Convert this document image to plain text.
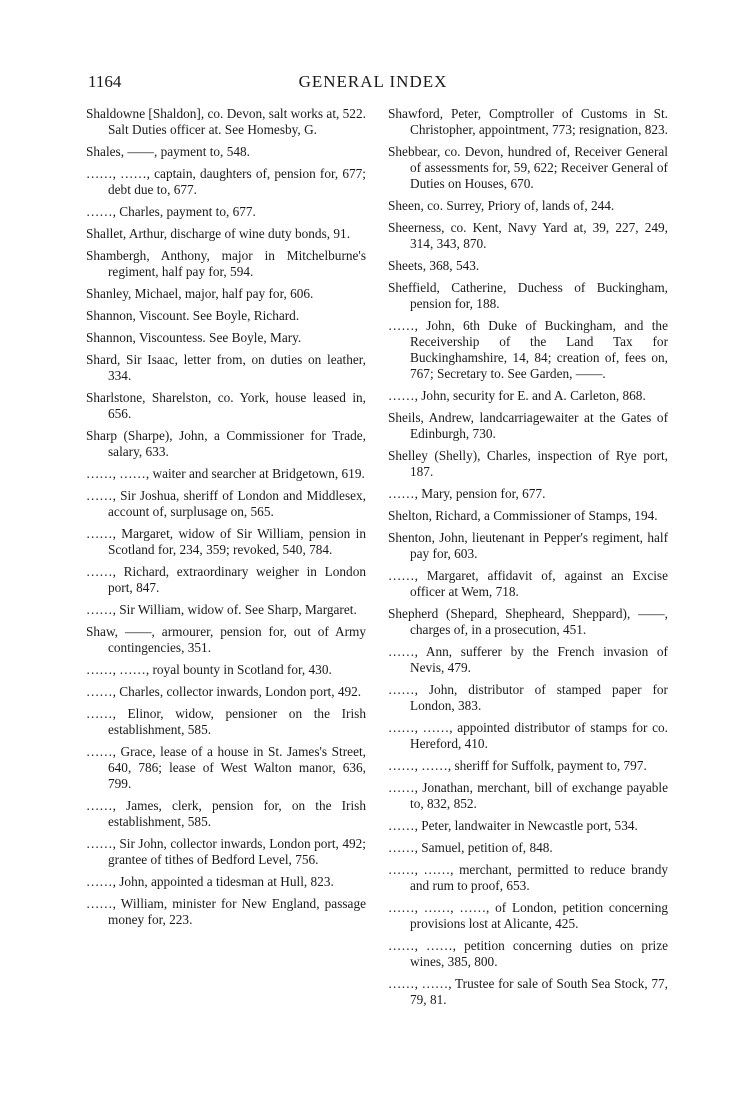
1164	GENERAL INDEX

Shaldowne [Shaldon], co. Devon, salt works at, 522.

Salt Duties officer at. See Homesby, G.

Shales, ——, payment to, 548.

……, ……, captain, daughters of, pension for, 677; debt due to, 677.

……, Charles, payment to, 677.

Shallet, Arthur, discharge of wine duty bonds, 91.

Shambergh, Anthony, major in Mitchelburne's regiment, half pay for, 594.

Shanley, Michael, major, half pay for, 606.

Shannon, Viscount. See Boyle, Richard.

Shannon, Viscountess. See Boyle, Mary.

Shard, Sir Isaac, letter from, on duties on leather, 334.

Sharlstone, Sharelston, co. York, house leased in, 656.

Sharp (Sharpe), John, a Commissioner for Trade, salary, 633.

……, ……, waiter and searcher at Bridgetown, 619.

……, Sir Joshua, sheriff of London and Middlesex, account of, surplusage on, 565.

……, Margaret, widow of Sir William, pension in Scotland for, 234, 359; revoked, 540, 784.

……, Richard, extraordinary weigher in London port, 847.

……, Sir William, widow of. See Sharp, Margaret.

Shaw, ——, armourer, pension for, out of Army contingencies, 351.

……, ……, royal bounty in Scotland for, 430.

……, Charles, collector inwards, London port, 492.

……, Elinor, widow, pensioner on the Irish establishment, 585.

……, Grace, lease of a house in St. James's Street, 640, 786; lease of West Walton manor, 636, 799.

……, James, clerk, pension for, on the Irish establishment, 585.

……, Sir John, collector inwards, London port, 492; grantee of tithes of Bedford Level, 756.

……, John, appointed a tidesman at Hull, 823.

……, William, minister for New England, passage money for, 223.

Shawford, Peter, Comptroller of Customs in St. Christopher, appointment, 773; resignation, 823.

Shebbear, co. Devon, hundred of, Receiver General of assessments for, 59, 622; Receiver General of Duties on Houses, 670.

Sheen, co. Surrey, Priory of, lands of, 244.

Sheerness, co. Kent, Navy Yard at, 39, 227, 249, 314, 343, 870.

Sheets, 368, 543.

Sheffield, Catherine, Duchess of Buckingham, pension for, 188.

……, John, 6th Duke of Buckingham, and the Receivership of the Land Tax for Buckinghamshire, 14, 84; creation of, fees on, 767; Secretary to. See Garden, ——.

……, John, security for E. and A. Carleton, 868.

Sheils, Andrew, landcarriagewaiter at the Gates of Edinburgh, 730.

Shelley (Shelly), Charles, inspection of Rye port, 187.

……, Mary, pension for, 677.

Shelton, Richard, a Commissioner of Stamps, 194.

Shenton, John, lieutenant in Pepper's regiment, half pay for, 603.

……, Margaret, affidavit of, against an Excise officer at Wem, 718.

Shepherd (Shepard, Shepheard, Sheppard), ——, charges of, in a prosecution, 451.

……, Ann, sufferer by the French invasion of Nevis, 479.

……, John, distributor of stamped paper for London, 383.

……, ……, appointed distributor of stamps for co. Hereford, 410.

……, ……, sheriff for Suffolk, payment to, 797.

……, Jonathan, merchant, bill of exchange payable to, 832, 852.

……, Peter, landwaiter in Newcastle port, 534.

……, Samuel, petition of, 848.

……, ……, merchant, permitted to reduce brandy and rum to proof, 653.

……, ……, ……, of London, petition concerning provisions lost at Alicante, 425.

……, ……, petition concerning duties on prize wines, 385, 800.

……, ……, Trustee for sale of South Sea Stock, 77, 79, 81.
